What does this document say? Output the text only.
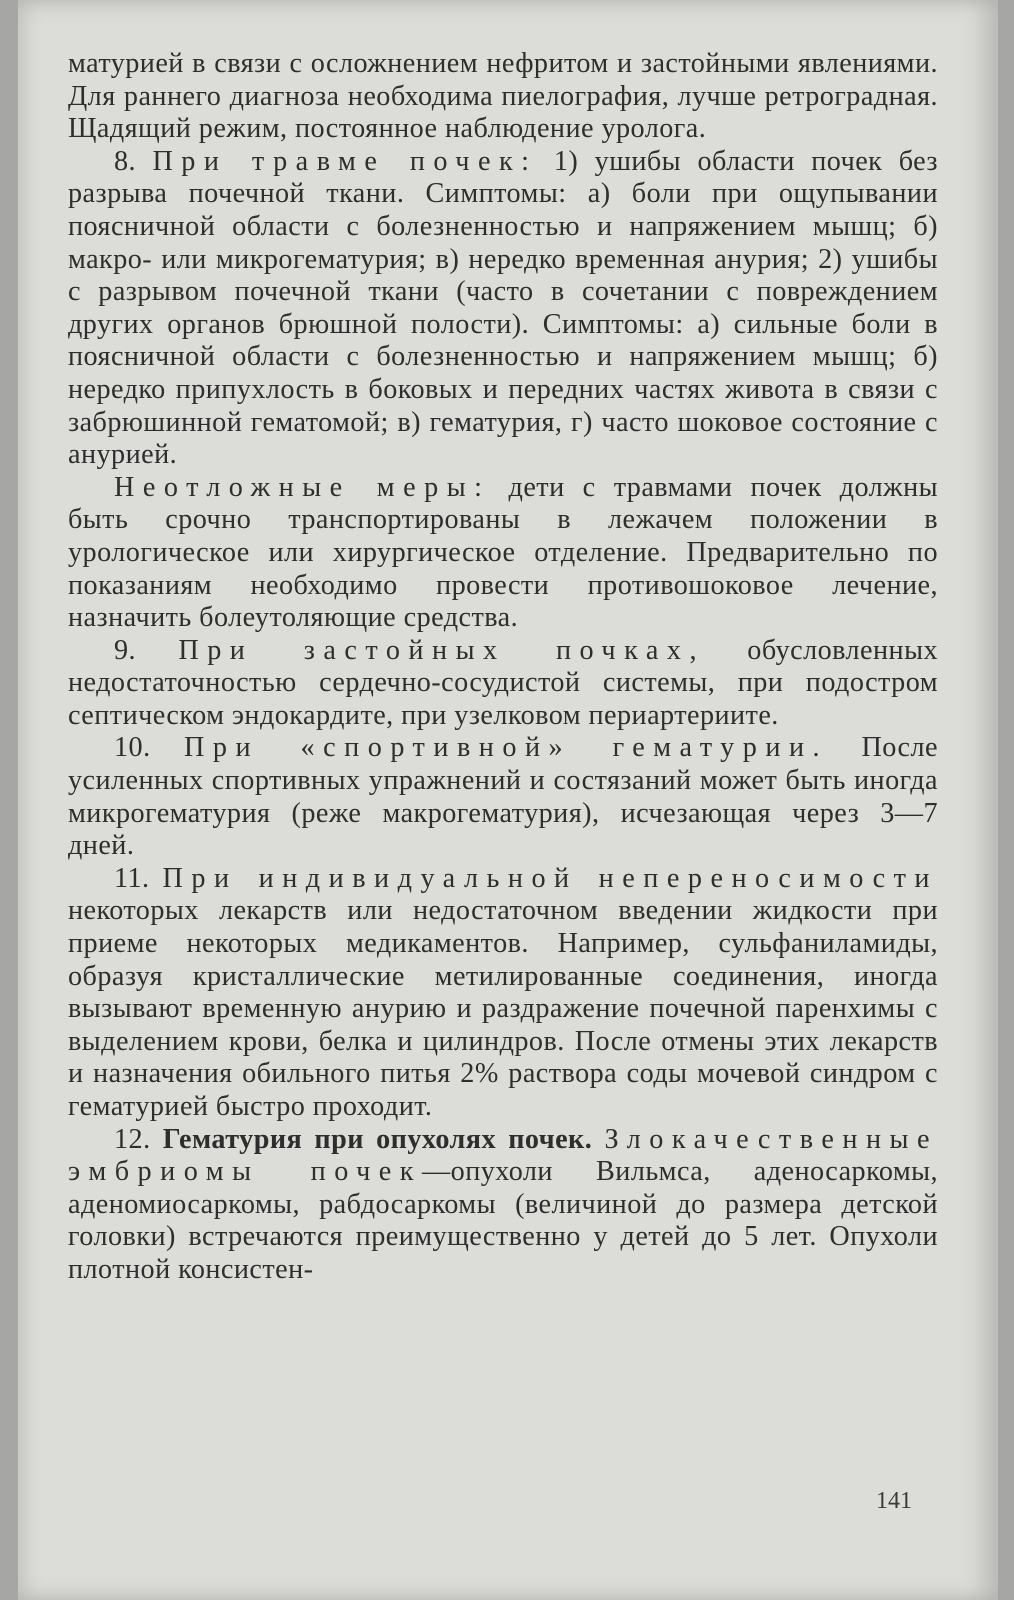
матурией в связи с осложнением нефритом и застойными явлениями. Для раннего диагноза необходима пиелография, лучше ретроградная. Щадящий режим, постоянное наблюдение уролога.

8. При травме почек: 1) ушибы области почек без разрыва почечной ткани. Симптомы: а) боли при ощупывании поясничной области с болезненностью и напряжением мышц; б) макро- или микрогематурия; в) нередко временная анурия; 2) ушибы с разрывом почечной ткани (часто в сочетании с повреждением других органов брюшной полости). Симптомы: а) сильные боли в поясничной области с болезненностью и напряжением мышц; б) нередко припухлость в боковых и передних частях живота в связи с забрюшинной гематомой; в) гематурия, г) часто шоковое состояние с анурией.

Неотложные меры: дети с травмами почек должны быть срочно транспортированы в лежачем положении в урологическое или хирургическое отделение. Предварительно по показаниям необходимо провести противошоковое лечение, назначить болеутоляющие средства.

9. При застойных почках, обусловленных недостаточностью сердечно-сосудистой системы, при подостром септическом эндокардите, при узелковом периартериите.

10. При «спортивной» гематурии. После усиленных спортивных упражнений и состязаний может быть иногда микрогематурия (реже макрогематурия), исчезающая через 3—7 дней.

11. При индивидуальной непереносимости некоторых лекарств или недостаточном введении жидкости при приеме некоторых медикаментов. Например, сульфаниламиды, образуя кристаллические метилированные соединения, иногда вызывают временную анурию и раздражение почечной паренхимы с выделением крови, белка и цилиндров. После отмены этих лекарств и назначения обильного питья 2% раствора соды мочевой синдром с гематурией быстро проходит.

12. Гематурия при опухолях почек. Злокачественные эмбриомы почек—опухоли Вильмса, аденосаркомы, аденомиосаркомы, рабдосаркомы (величиной до размера детской головки) встречаются преимущественно у детей до 5 лет. Опухоли плотной консистен-

141
